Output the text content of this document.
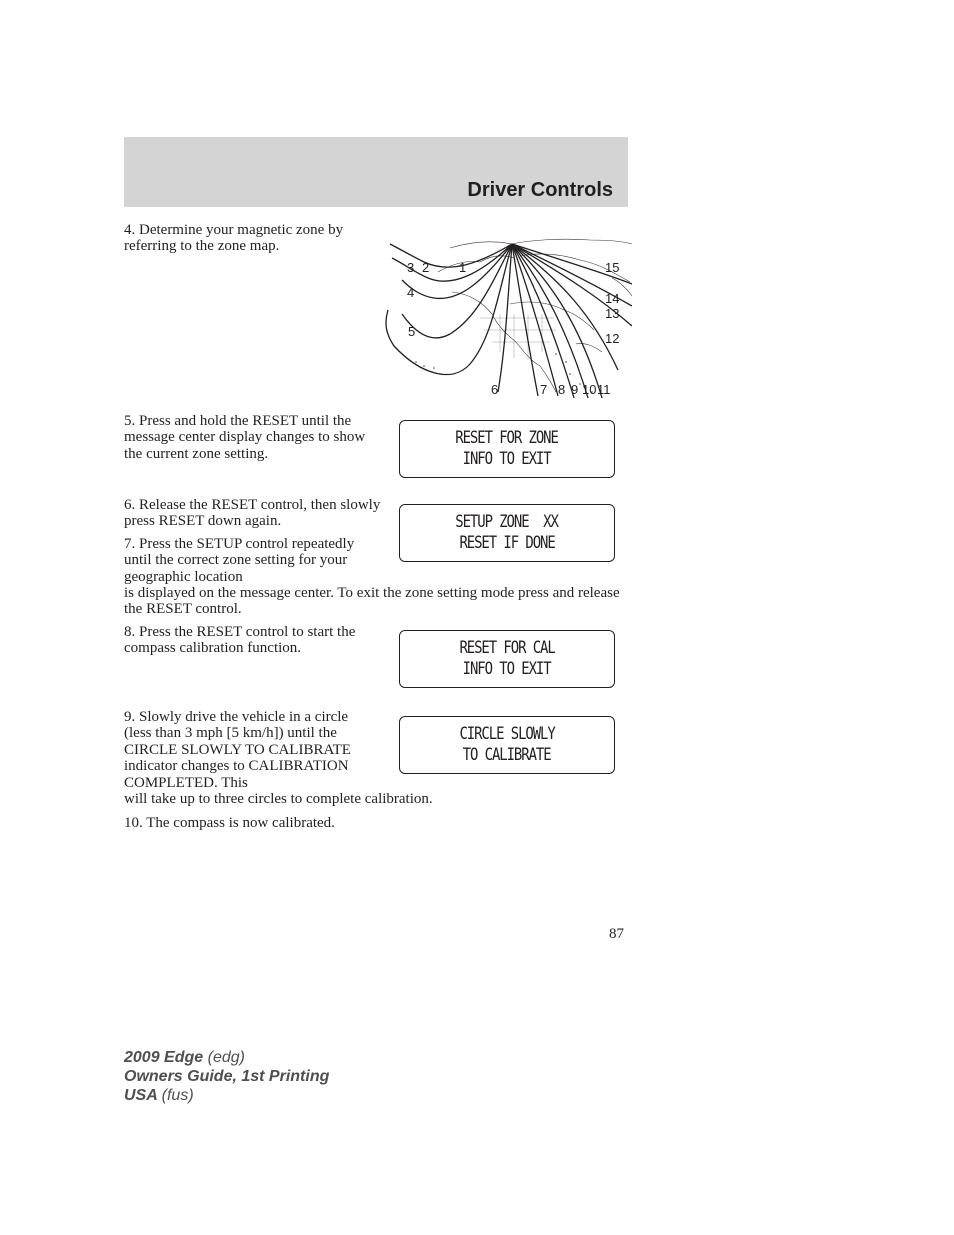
Driver Controls

4. Determine your magnetic zone by referring to the zone map.

3 2 1	15
4	14
13
5	12
6	7 8 9 10 11

5. Press and hold the RESET until the message center display changes to show the current zone setting.

RESET FOR ZONE
INFO TO EXIT

6. Release the RESET control, then slowly press RESET down again.	SETUP ZONE  XX
RESET IF DONE

7. Press the SETUP control repeatedly until the correct zone setting for your geographic location

is displayed on the message center. To exit the zone setting mode press and release the RESET control.

8. Press the RESET control to start the compass calibration function.	RESET FOR CAL
INFO TO EXIT

9. Slowly drive the vehicle in a circle (less than 3 mph [5 km/h]) until the CIRCLE SLOWLY TO CALIBRATE indicator changes to CALIBRATION COMPLETED. This

will take up to three circles to complete calibration.

CIRCLE SLOWLY
TO CALIBRATE

10. The compass is now calibrated.

87

2009 Edge (edg)
Owners Guide, 1st Printing
USA (fus)
